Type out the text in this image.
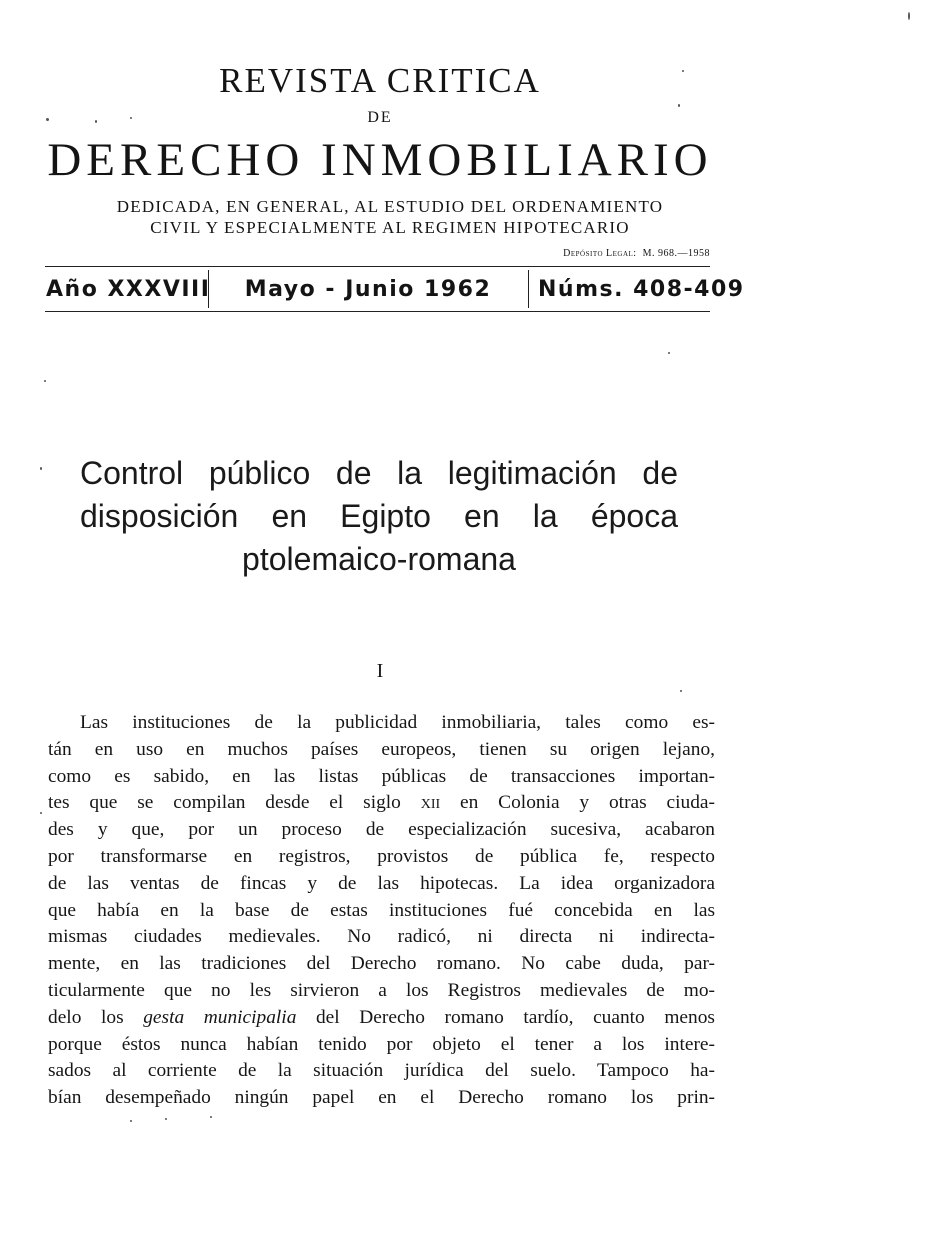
REVISTA CRITICA
DE
DERECHO INMOBILIARIO
DEDICADA, EN GENERAL, AL ESTUDIO DEL ORDENAMIENTO
CIVIL Y ESPECIALMENTE AL REGIMEN HIPOTECARIO
Depósito Legal: M. 968.—1958
Año XXXVIII	Mayo - Junio 1962	Núms. 408-409
Control público de la legitimación de
disposición en Egipto en la época
ptolemaico-romana
I

Las instituciones de la publicidad inmobiliaria, tales como es-
tán en uso en muchos países europeos, tienen su origen lejano,
como es sabido, en las listas públicas de transacciones importan-
tes que se compilan desde el siglo xii en Colonia y otras ciuda-
des y que, por un proceso de especialización sucesiva, acabaron
por transformarse en registros, provistos de pública fe, respecto
de las ventas de fincas y de las hipotecas. La idea organizadora
que había en la base de estas instituciones fué concebida en las
mismas ciudades medievales. No radicó, ni directa ni indirecta-
mente, en las tradiciones del Derecho romano. No cabe duda, par-
ticularmente que no les sirvieron a los Registros medievales de mo-
delo los gesta municipalia del Derecho romano tardío, cuanto menos
porque éstos nunca habían tenido por objeto el tener a los intere-
sados al corriente de la situación jurídica del suelo. Tampoco ha-
bían desempeñado ningún papel en el Derecho romano los prin-
